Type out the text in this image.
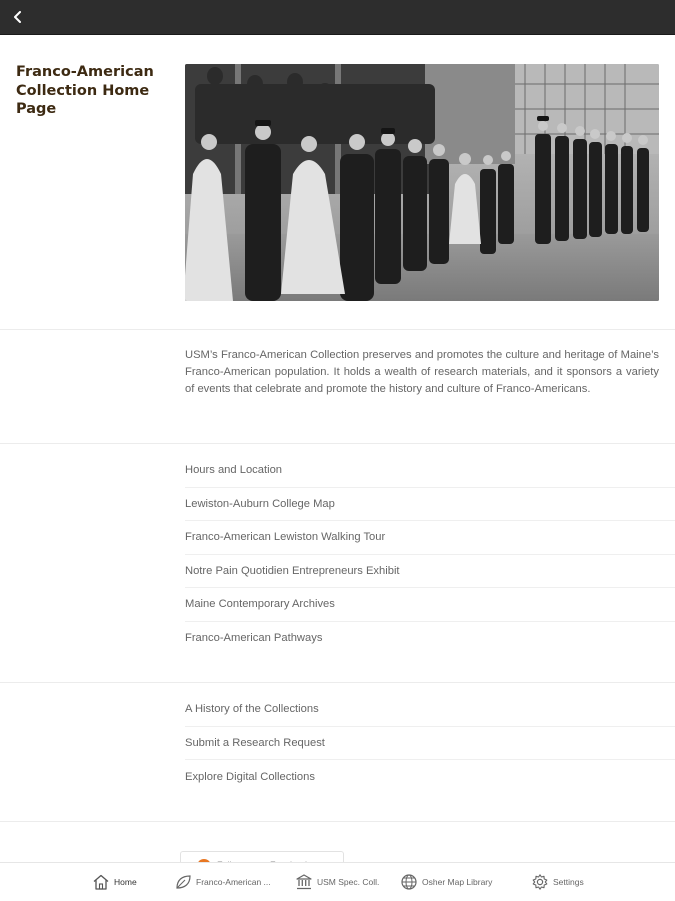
Franco-American Collection Home Page

USM’s Franco-American Collection preserves and promotes the culture and heritage of Maine’s Franco-American population. It holds a wealth of research materials, and it sponsors a variety of events that celebrate and promote the history and culture of Franco-Americans.

Hours and Location
Lewiston-Auburn College Map
Franco-American Lewiston Walking Tour
Notre Pain Quotidien Entrepreneurs Exhibit
Maine Contemporary Archives
Franco-American Pathways
A History of the Collections
Submit a Research Request
Explore Digital Collections
Home	Franco-American ...	USM Spec. Coll.	Osher Map Library	Settings
